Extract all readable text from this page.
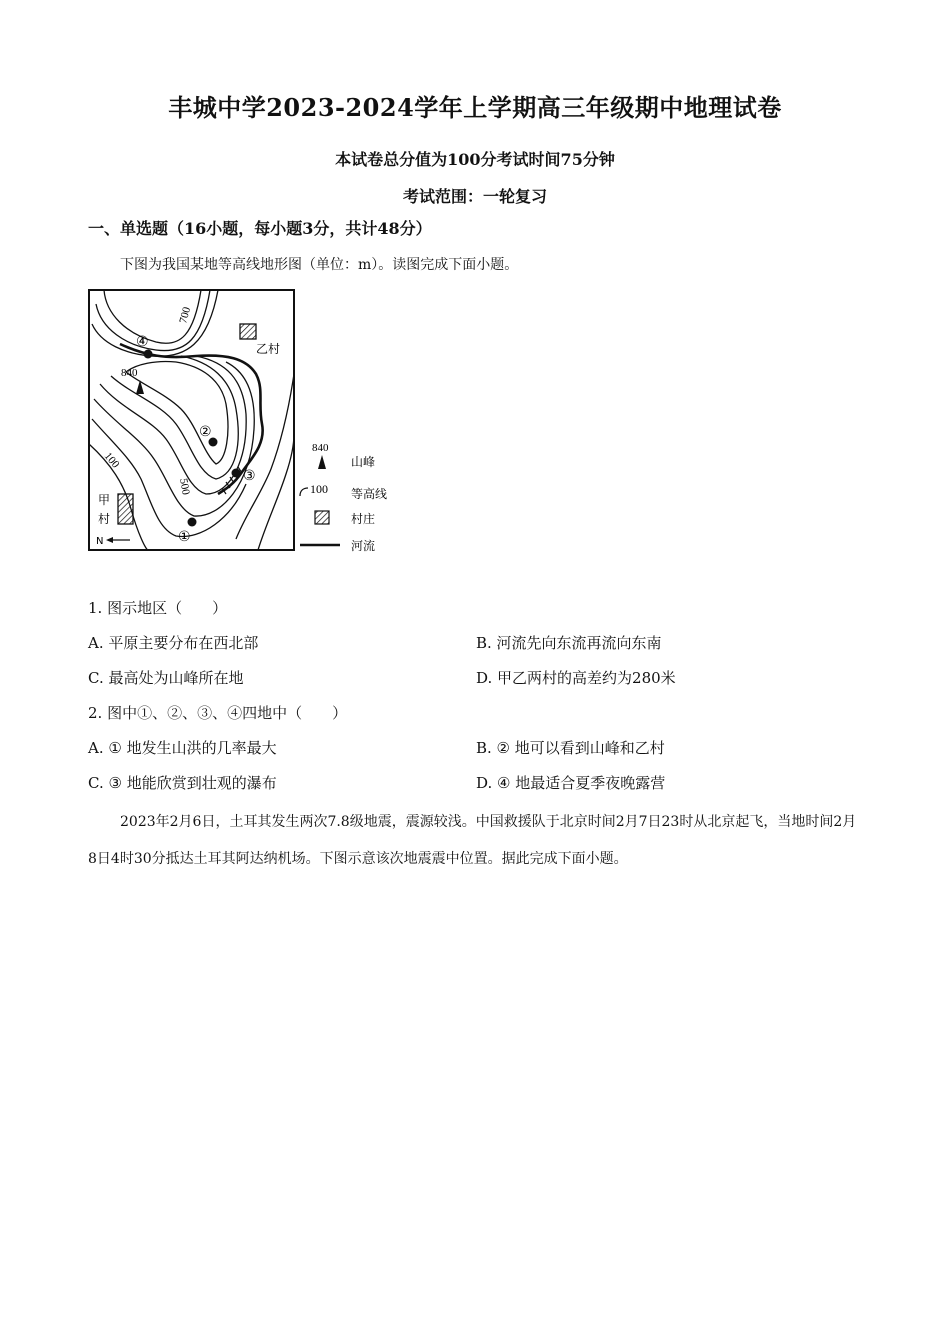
丰城中学2023-2024学年上学期高三年级期中地理试卷
本试卷总分值为100分考试时间75分钟
考试范围：一轮复习
一、单选题（16小题，每小题3分，共计48分）
下图为我国某地等高线地形图（单位：m）。读图完成下面小题。
840
④
②
③
①
700
100
500
乙村
甲
村
N
840
山峰
100 等高线
村庄
河流
1. 图示地区（　　）
A. 平原主要分布在西北部	B. 河流先向东流再流向东南
C. 最高处为山峰所在地	D. 甲乙两村的高差约为280米
2. 图中①、②、③、④四地中（　　）
A. ① 地发生山洪的几率最大	B. ② 地可以看到山峰和乙村
C. ③ 地能欣赏到壮观的瀑布	D. ④ 地最适合夏季夜晚露营
2023年2月6日，土耳其发生两次7.8级地震，震源较浅。中国救援队于北京时间2月7日23时从北京起飞，当地时间2月8日4时30分抵达土耳其阿达纳机场。下图示意该次地震震中位置。据此完成下面小题。
